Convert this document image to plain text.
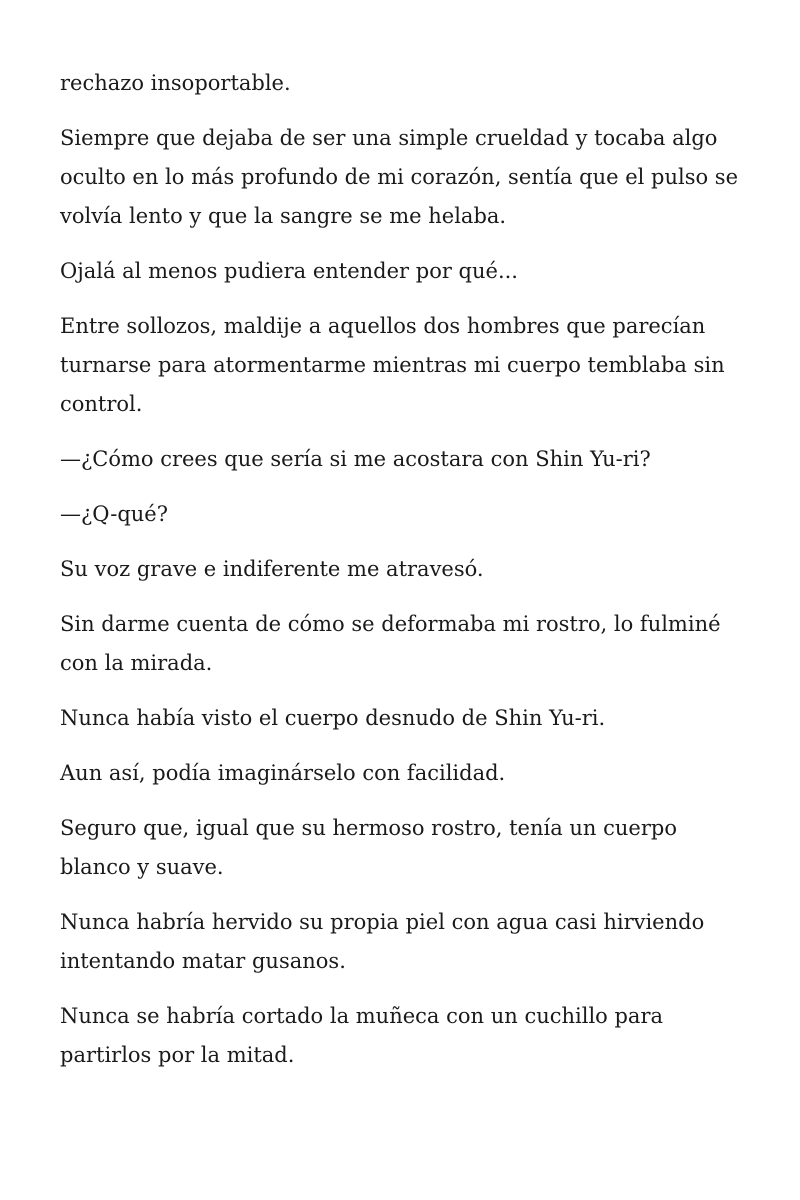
rechazo insoportable.

Siempre que dejaba de ser una simple crueldad y tocaba algo oculto en lo más profundo de mi corazón, sentía que el pulso se volvía lento y que la sangre se me helaba.

Ojalá al menos pudiera entender por qué...

Entre sollozos, maldije a aquellos dos hombres que parecían turnarse para atormentarme mientras mi cuerpo temblaba sin control.

—¿Cómo crees que sería si me acostara con Shin Yu-ri?

—¿Q-qué?

Su voz grave e indiferente me atravesó.

Sin darme cuenta de cómo se deformaba mi rostro, lo fulminé con la mirada.

Nunca había visto el cuerpo desnudo de Shin Yu-ri.

Aun así, podía imaginárselo con facilidad.

Seguro que, igual que su hermoso rostro, tenía un cuerpo blanco y suave.

Nunca habría hervido su propia piel con agua casi hirviendo intentando matar gusanos.

Nunca se habría cortado la muñeca con un cuchillo para partirlos por la mitad.
